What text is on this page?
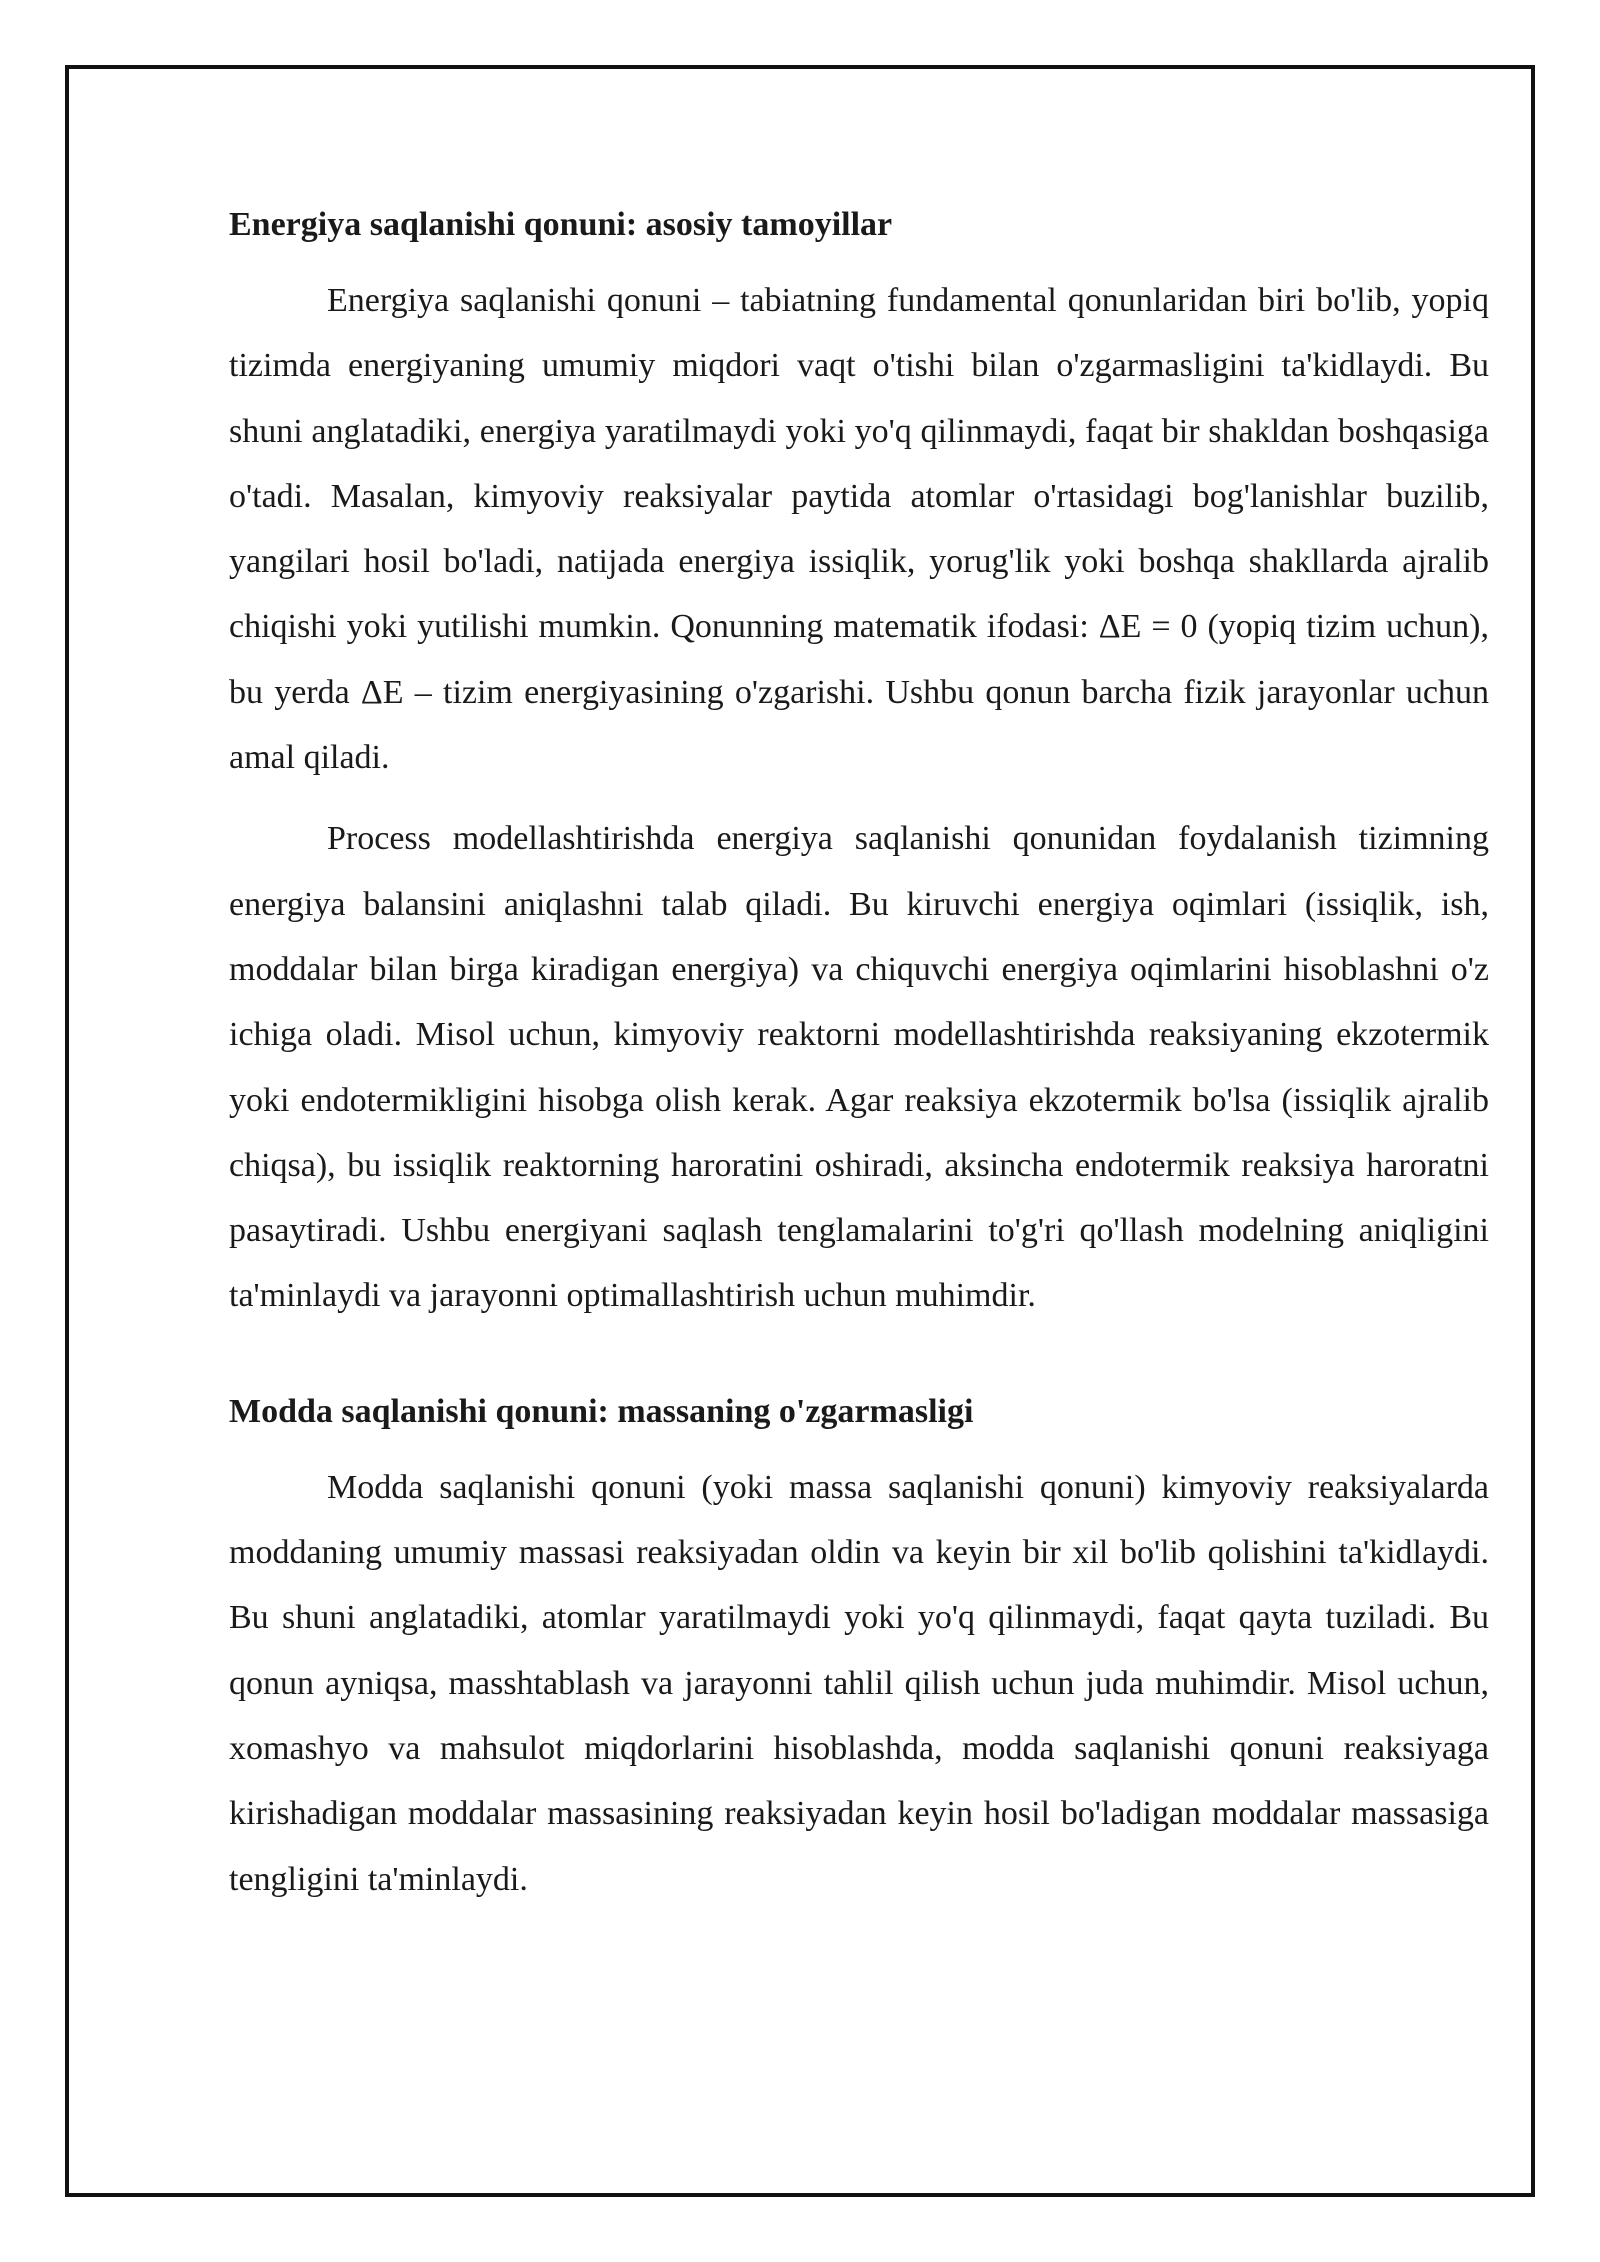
Energiya saqlanishi qonuni: asosiy tamoyillar

Energiya saqlanishi qonuni – tabiatning fundamental qonunlaridan biri bo'lib, yopiq tizimda energiyaning umumiy miqdori vaqt o'tishi bilan o'zgarmasligini ta'kidlaydi. Bu shuni anglatadiki, energiya yaratilmaydi yoki yo'q qilinmaydi, faqat bir shakldan boshqasiga o'tadi. Masalan, kimyoviy reaksiyalar paytida atomlar o'rtasidagi bog'lanishlar buzilib, yangilari hosil bo'ladi, natijada energiya issiqlik, yorug'lik yoki boshqa shakllarda ajralib chiqishi yoki yutilishi mumkin. Qonunning matematik ifodasi: ΔE = 0 (yopiq tizim uchun), bu yerda ΔE – tizim energiyasining o'zgarishi. Ushbu qonun barcha fizik jarayonlar uchun amal qiladi.

Process modellashtirishda energiya saqlanishi qonunidan foydalanish tizimning energiya balansini aniqlashni talab qiladi. Bu kiruvchi energiya oqimlari (issiqlik, ish, moddalar bilan birga kiradigan energiya) va chiquvchi energiya oqimlarini hisoblashni o'z ichiga oladi. Misol uchun, kimyoviy reaktorni modellashtirishda reaksiyaning ekzotermik yoki endotermikligini hisobga olish kerak. Agar reaksiya ekzotermik bo'lsa (issiqlik ajralib chiqsa), bu issiqlik reaktorning haroratini oshiradi, aksincha endotermik reaksiya haroratni pasaytiradi. Ushbu energiyani saqlash tenglamalarini to'g'ri qo'llash modelning aniqligini ta'minlaydi va jarayonni optimallashtirish uchun muhimdir.

Modda saqlanishi qonuni: massaning o'zgarmasligi

Modda saqlanishi qonuni (yoki massa saqlanishi qonuni) kimyoviy reaksiyalarda moddaning umumiy massasi reaksiyadan oldin va keyin bir xil bo'lib qolishini ta'kidlaydi. Bu shuni anglatadiki, atomlar yaratilmaydi yoki yo'q qilinmaydi, faqat qayta tuziladi. Bu qonun ayniqsa, masshtablash va jarayonni tahlil qilish uchun juda muhimdir. Misol uchun, xomashyo va mahsulot miqdorlarini hisoblashda, modda saqlanishi qonuni reaksiyaga kirishadigan moddalar massasining reaksiyadan keyin hosil bo'ladigan moddalar massasiga tengligini ta'minlaydi.
